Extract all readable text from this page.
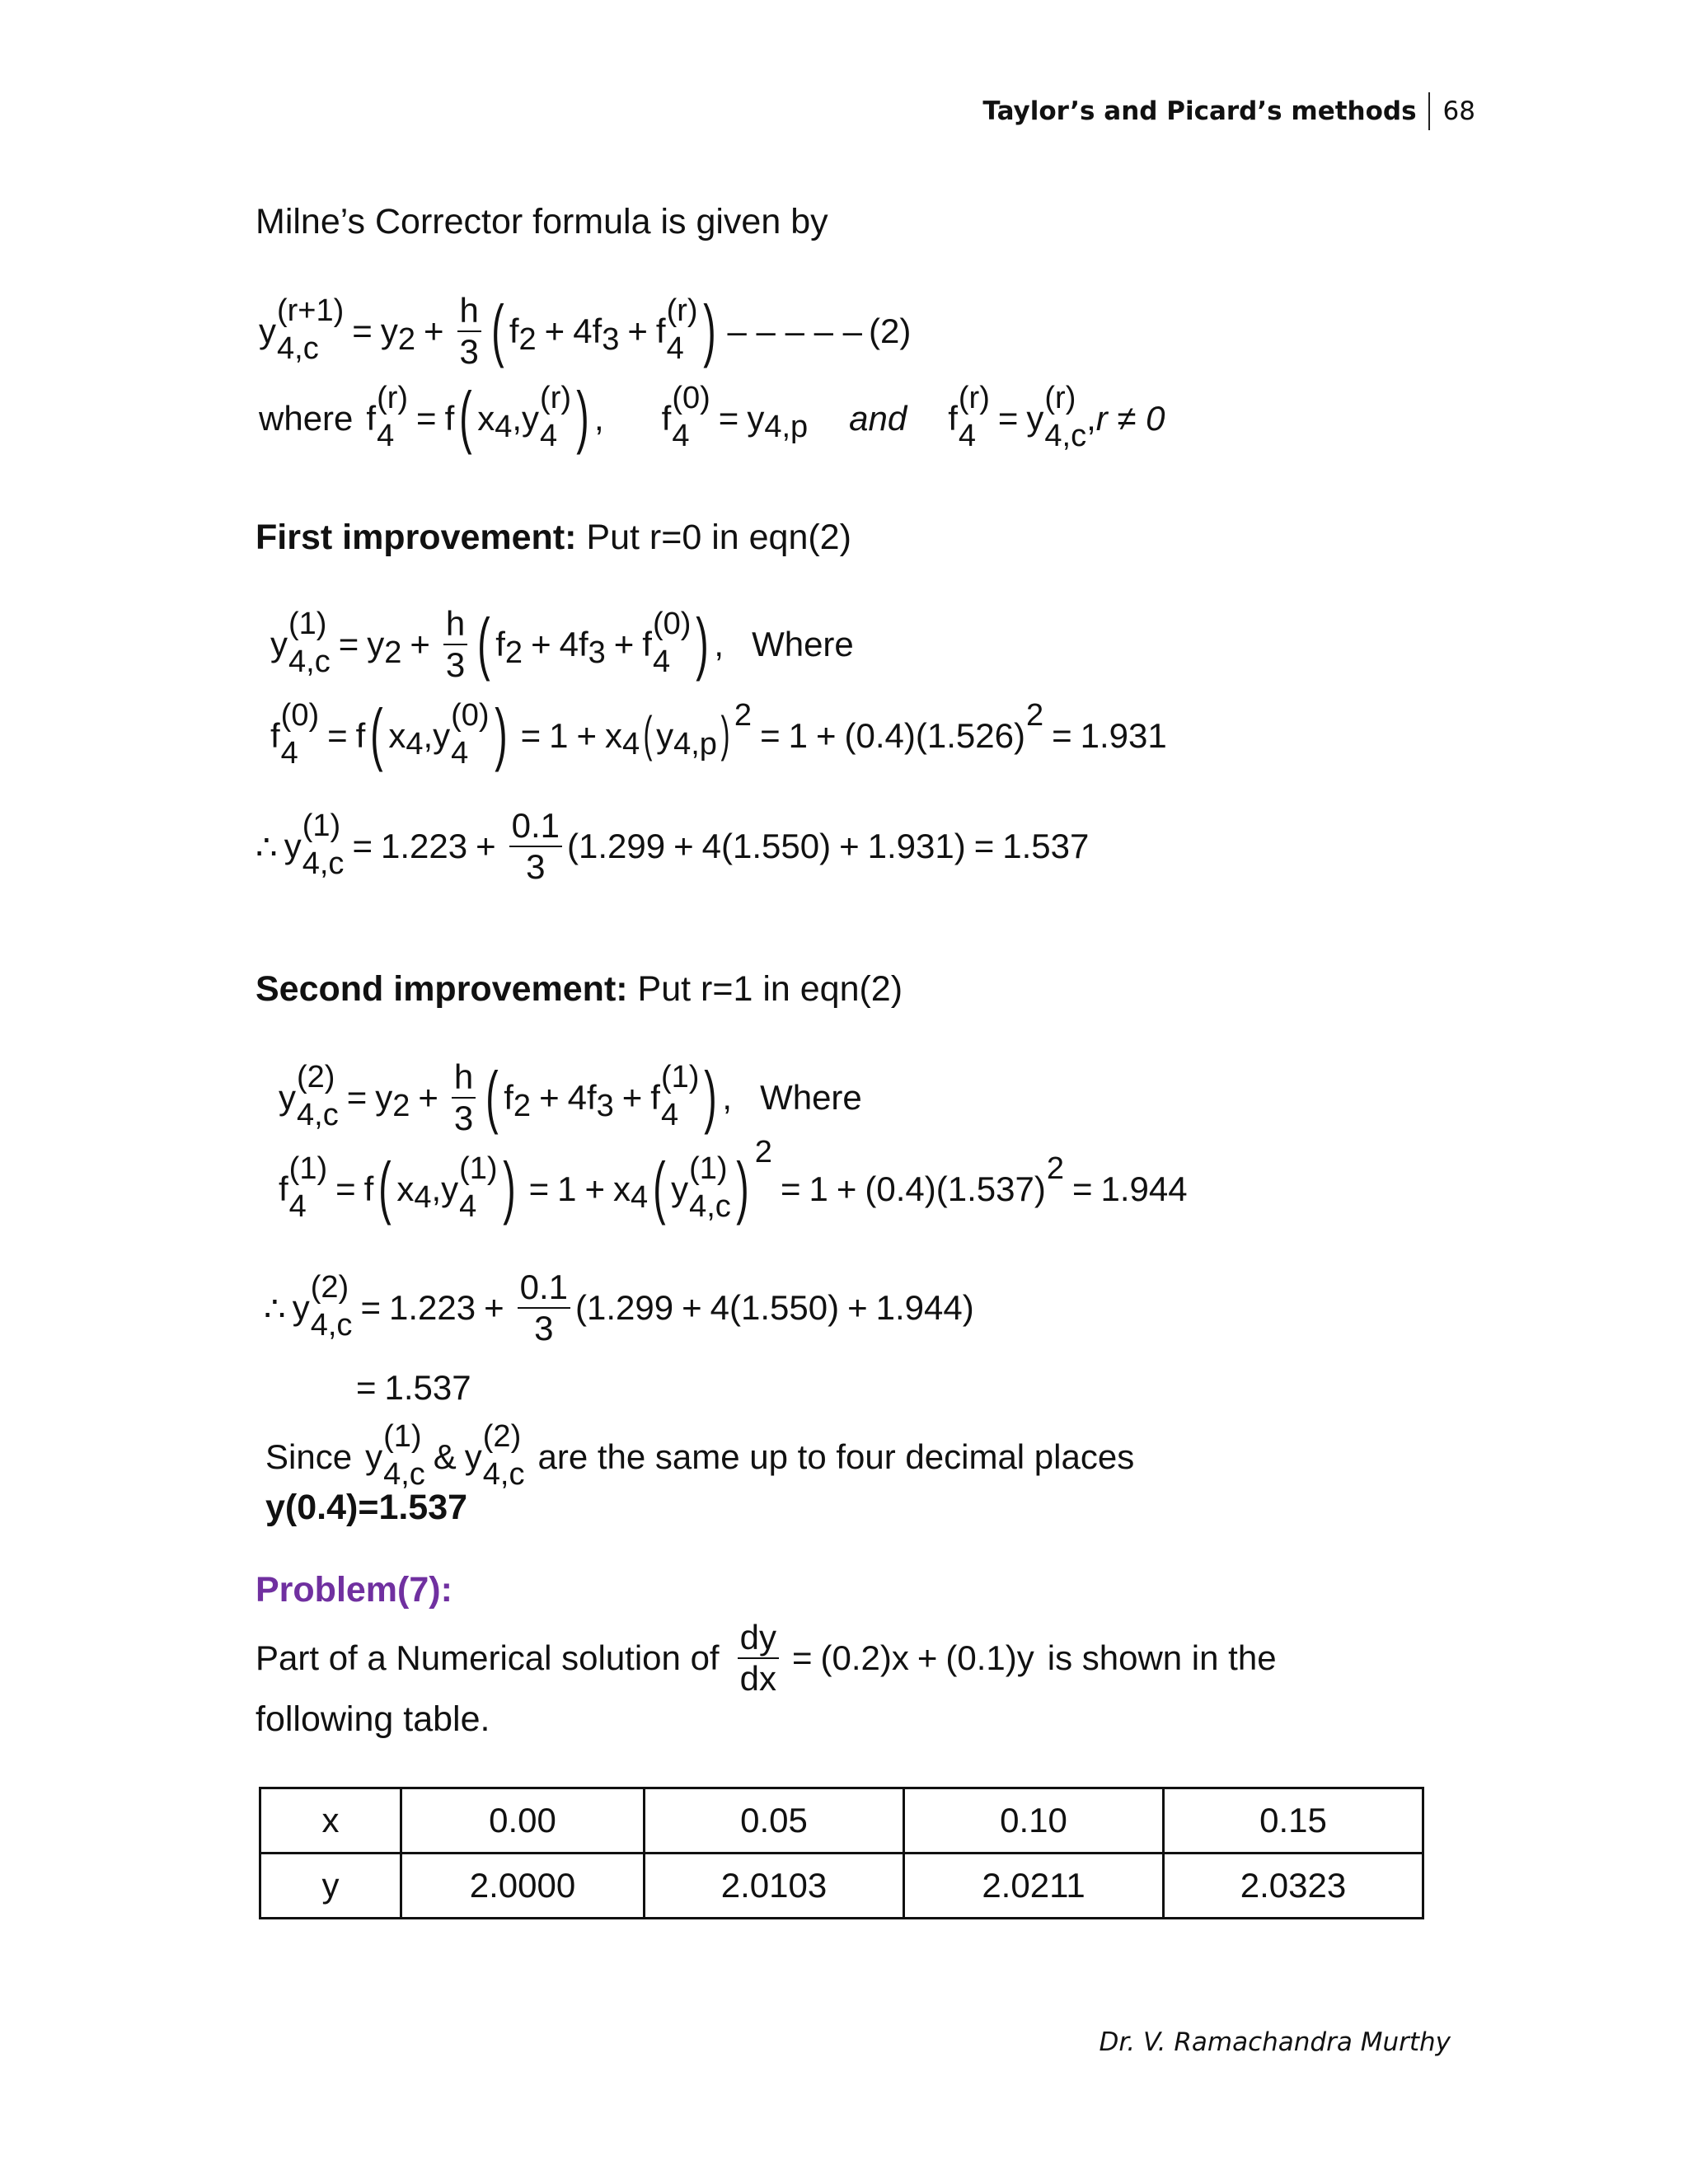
Taylor’s and Picard’s methods 68
Milne’s Corrector formula is given by
y
(r+1)
4,c = y $2 + \frac{h}{3}$ ( f 2 + 4f 3 + f
(r)
4 ) – – – – – (2)
where f
(r)
4 = f ( x 4 , y
(r)
4 ) , f
(0)
4 = y 4,p and f
(r)
4 = y
(r)
4,c , r ≠ 0
First improvement: Put r=0 in eqn(2)
y
(1)
4,c = y $2 + \frac{h}{3}$ ( f 2 + 4f 3 + f
(0)
4 ) , Where
f
(0)
4 = f ( x 4 , y
(0)
4 ) = 1 + x 4 ( y 4,p ) 2

= 1 + (0.4)( 1.526 )
2

= 1.931
∴ y
(1)
$4,c = 1.223 + \frac{0.1}{3}$ ( 1.299 + 4( 1.550 ) + 1.931 ) = 1.537
Second improvement: Put r=1 in eqn(2)
y
(2)
4,c = y $2 + \frac{h}{3}$ ( f 2 + 4f 3 + f
(1)
4 ) , Where
f
(1)
4 = f ( x 4 , y
(1)
4 ) = 1 + x 4 ( y
(1)
4,c ) 2

= 1 + (0.4)( 1.537 )
2

= 1.944
∴ y
(2)
$4,c = 1.223 + \frac{0.1}{3}$ ( 1.299 + 4( 1.550 ) + 1.944 )
= 1.537
Since y
(1)
4,c & y
(2)
4,c are the same up to four decimal places
y(0.4)=1.537
Problem(7):
Part of a Numerical solution of $\frac{dy}{dx} = (0.2)x + (0.1)y$ is shown in the
following table.
x	0.00	0.05	0.10	0.15
y	2.0000	2.0103	2.0211	2.0323
Dr. V. Ramachandra Murthy
